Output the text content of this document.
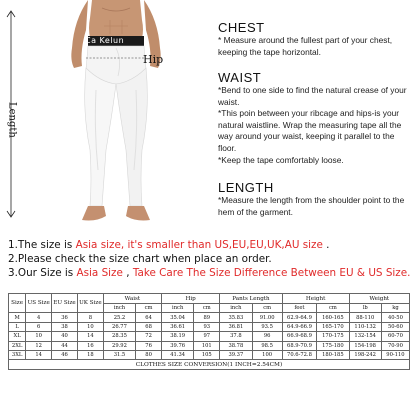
Length
Ca Kelun
Hip
CHEST

* Measure around the fullest part of your chest, keeping the tape horizontal.

WAIST

*Bend to one side to find the natural crease of your waist.

*This poin between your ribcage and hips-is your natural waistline. Wrap the measuring tape all the way around your waist, keeping it parallel to the floor.

*Keep the tape comfortably loose.

LENGTH

*Measure the length from the shoulder point to the hem of the garment.

1.The size is Asia size, it's smaller than US,EU,EU,UK,AU size .
2.Please check the size chart when place an order.
3.Our Size is Asia Size , Take Care The Size Difference Between EU & US Size.
Size	US Size	EU Size	UK Size	Waist		Hip		Pants Length		Height		Weight	
				inch	cm	inch	cm	inch	cm	feet	cm	lb	kg
M	4	36	8	25.2	64	35.04	89	35.83	91.00	62.9-64.9	160-165	88-110	40-50
L	6	38	10	26.77	68	36.61	93	36.81	93.5	64.9-66.9	165-170	110-132	50-60
XL	10	40	14	28.35	72	38.19	97	37.8	96	66.9-68.9	170-175	132-154	60-70
2XL	12	44	16	29.92	76	39.76	101	38.78	98.5	68.9-70.9	175-180	154-198	70-90
3XL	14	46	18	31.5	80	41.34	105	39.37	100	70.6-72.8	180-185	198-242	90-110
CLOTHES SIZE CONVERSION(1 INCH=2.54CM)													
